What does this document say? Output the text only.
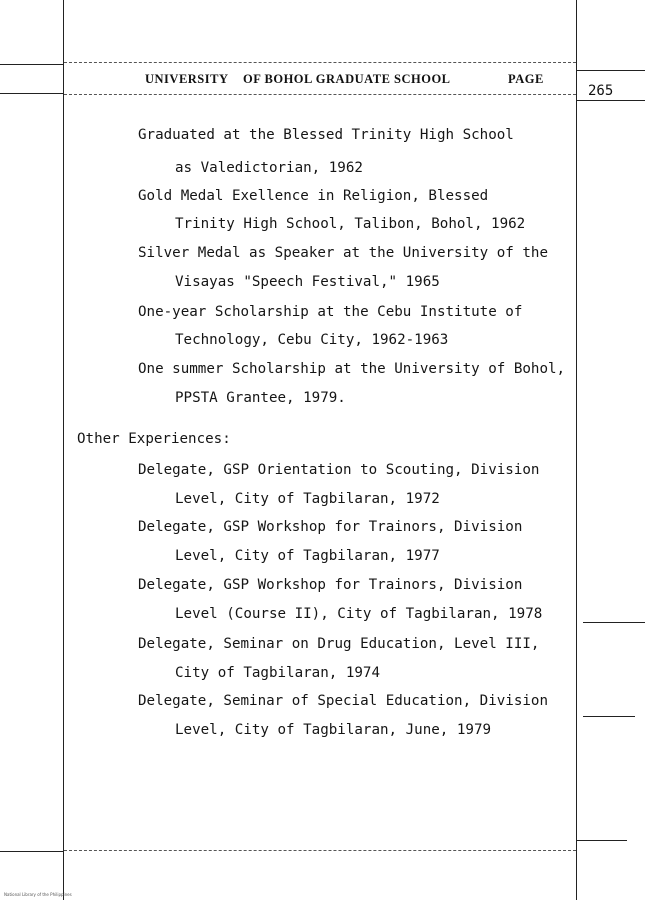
UNIVERSITY OF BOHOL GRADUATE SCHOOL	PAGE
265
Graduated at the Blessed Trinity High School
as Valedictorian, 1962
Gold Medal Exellence in Religion, Blessed
Trinity High School, Talibon, Bohol, 1962
Silver Medal as Speaker at the University of the
Visayas "Speech Festival," 1965
One-year Scholarship at the Cebu Institute of
Technology, Cebu City, 1962-1963
One summer Scholarship at the University of Bohol,
PPSTA Grantee, 1979.
Other Experiences:
Delegate, GSP Orientation to Scouting, Division
Level, City of Tagbilaran, 1972
Delegate, GSP Workshop for Trainors, Division
Level, City of Tagbilaran, 1977
Delegate, GSP Workshop for Trainors, Division
Level (Course II), City of Tagbilaran, 1978
Delegate, Seminar on Drug Education, Level III,
City of Tagbilaran, 1974
Delegate, Seminar of Special Education, Division
Level, City of Tagbilaran, June, 1979
National Library of the Philippines
